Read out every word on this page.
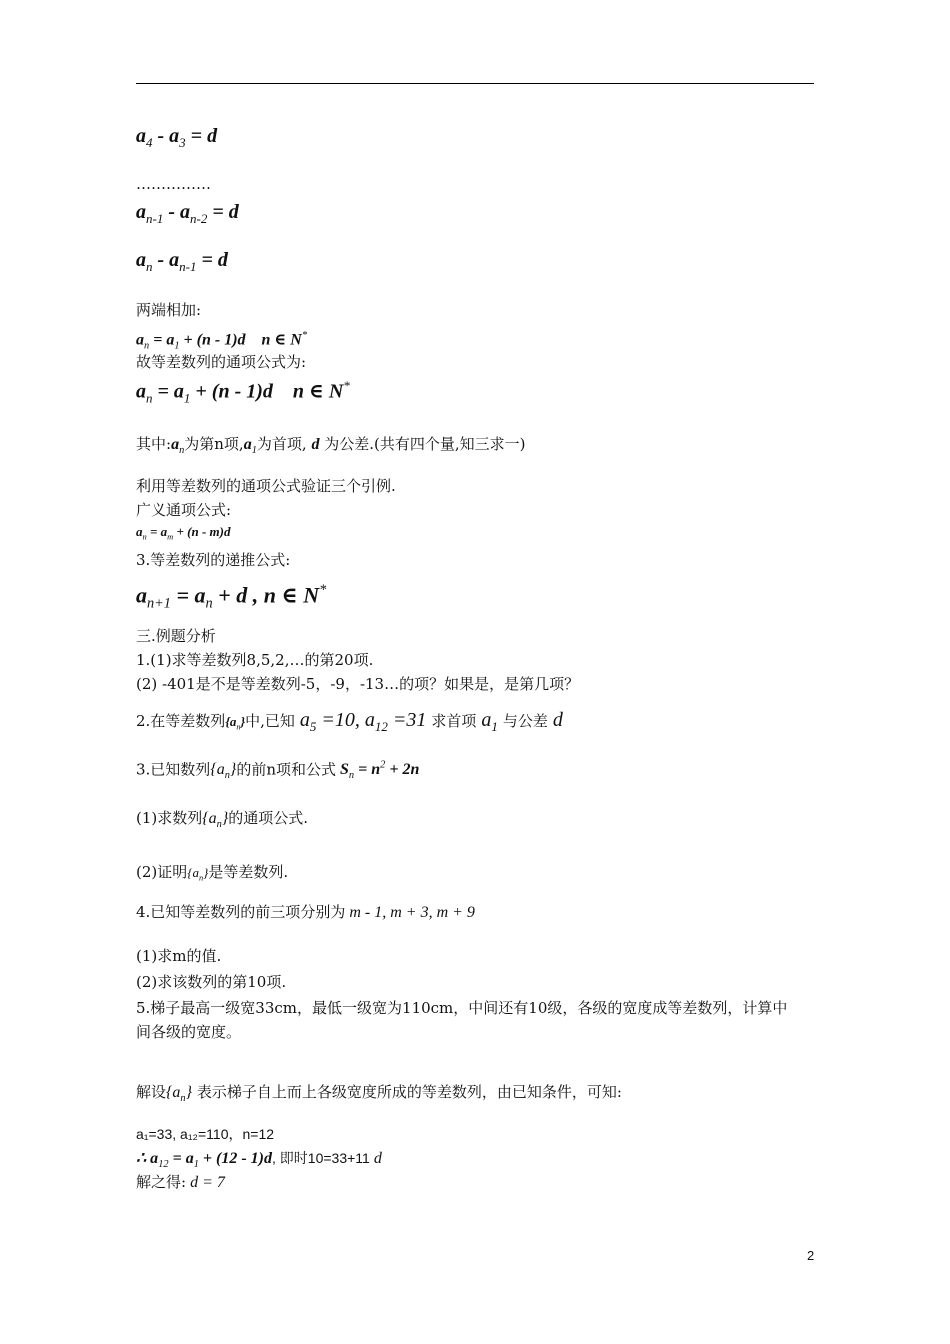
$a_4 - a_3 = d$
……………
$a_{n-1} - a_{n-2} = d$
$a_n - a_{n-1} = d$
两端相加:
$a_n = a_1 + (n - 1)d$    n ∈ N*
故等差数列的通项公式为:
$a_n = a_1 + (n - 1)d$    n ∈ N*
其中$:a_n$为第n项$,a_1$为首项, d 为公差.(共有四个量,知三求一)
利用等差数列的通项公式验证三个引例.
广义通项公式:
$a_n = a_m + (n - m)d$
3.等差数列的递推公式:
$a_{n+1} = a_n + d$ , n ∈ N*
三.例题分析
1.(1)求等差数列8,5,2,…的第20项.
(2) -401是不是等差数列-5，-9，-13…的项？如果是，是第几项？
2.在等差数列$\{a_n\}$中,已知 $a_5 =10$, $a_{12} =31$ 求首项 $a_1$ 与公差 d
3.已知数列$\{a_n\}$的前n项和公式 $S_n = n^2 + 2n$
(1)求数列$\{a_n\}$的通项公式.
(2)证明$\{a_n\}$是等差数列.
4.已知等差数列的前三项分别为 m - 1, m + 3, m + 9
(1)求m的值.
(2)求该数列的第10项.
5.梯子最高一级宽33cm，最低一级宽为110cm，中间还有10级，各级的宽度成等差数列，计算中
间各级的宽度。
解设$\{a_n\}$ 表示梯子自上而上各级宽度所成的等差数列，由已知条件，可知:
a₁=33, a₁₂=110，n=12
∴ $a_{12} = a_1 + (12 - 1)d$, 即时10=33+11 d
解之得: d = 7
2
